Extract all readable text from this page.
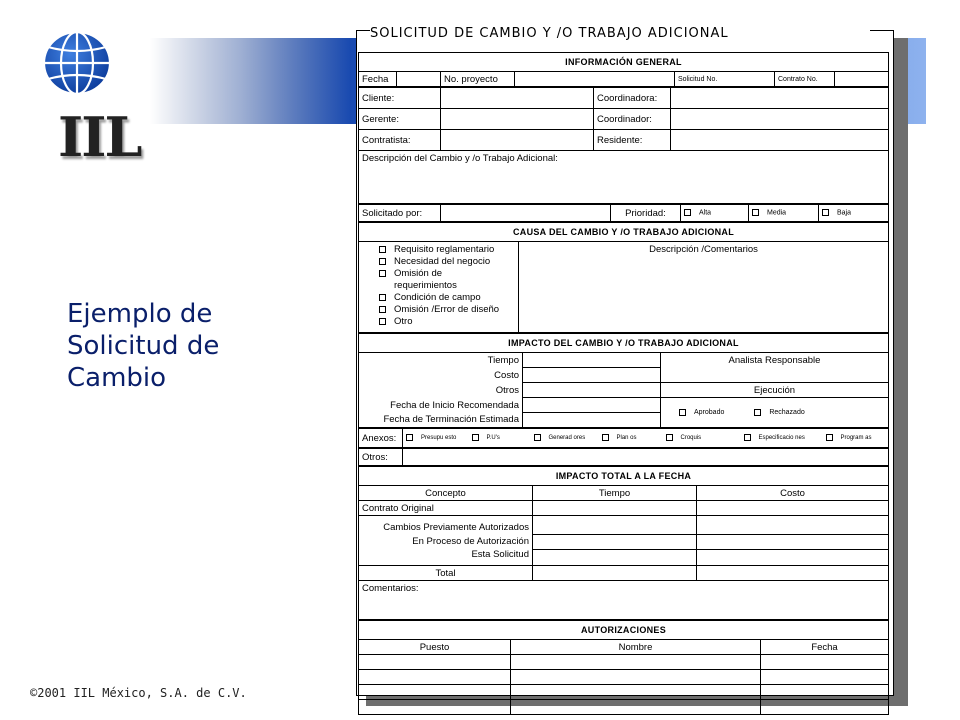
IIL
Ejemplo de
Solicitud de
Cambio
©2001 IIL México, S.A. de C.V.
SOLICITUD DE CAMBIO Y /O TRABAJO ADICIONAL
INFORMACIÓN GENERAL
Fecha		No. proyecto		Solicitud No.	Contrato No.	
Cliente:		Coordinadora:	
Gerente:		Coordinador:	
Contratista:		Residente:	
Descripción del Cambio y /o Trabajo Adicional:			
Solicitado por:		Prioridad:	Alta	Media	Baja
CAUSA DEL CAMBIO Y /O TRABAJO ADICIONAL

Requisito reglamentario
Necesidad del negocio
Omisión de
requerimientos
Condición de campo
Omisión /Error de diseño
Otro
	Descripción /Comentarios
IMPACTO DEL CAMBIO Y /O TRABAJO ADICIONAL		
Tiempo		Analista Responsable
Costo		
Otros		Ejecución
Fecha de Inicio Recomendada		Aprobado Rechazado
Fecha de Terminación Estimada		
Anexos:	Presupu esto	P.U's	Generad ores	Plan os	Croquis	Especificacio nes	Program as
Otros:	
IMPACTO TOTAL A LA FECHA		
Concepto	Tiempo	Costo
Contrato Original		
Cambios Previamente Autorizados		
En Proceso de Autorización		
Esta Solicitud		
Total		
Comentarios:		
AUTORIZACIONES		
Puesto	Nombre	Fecha
